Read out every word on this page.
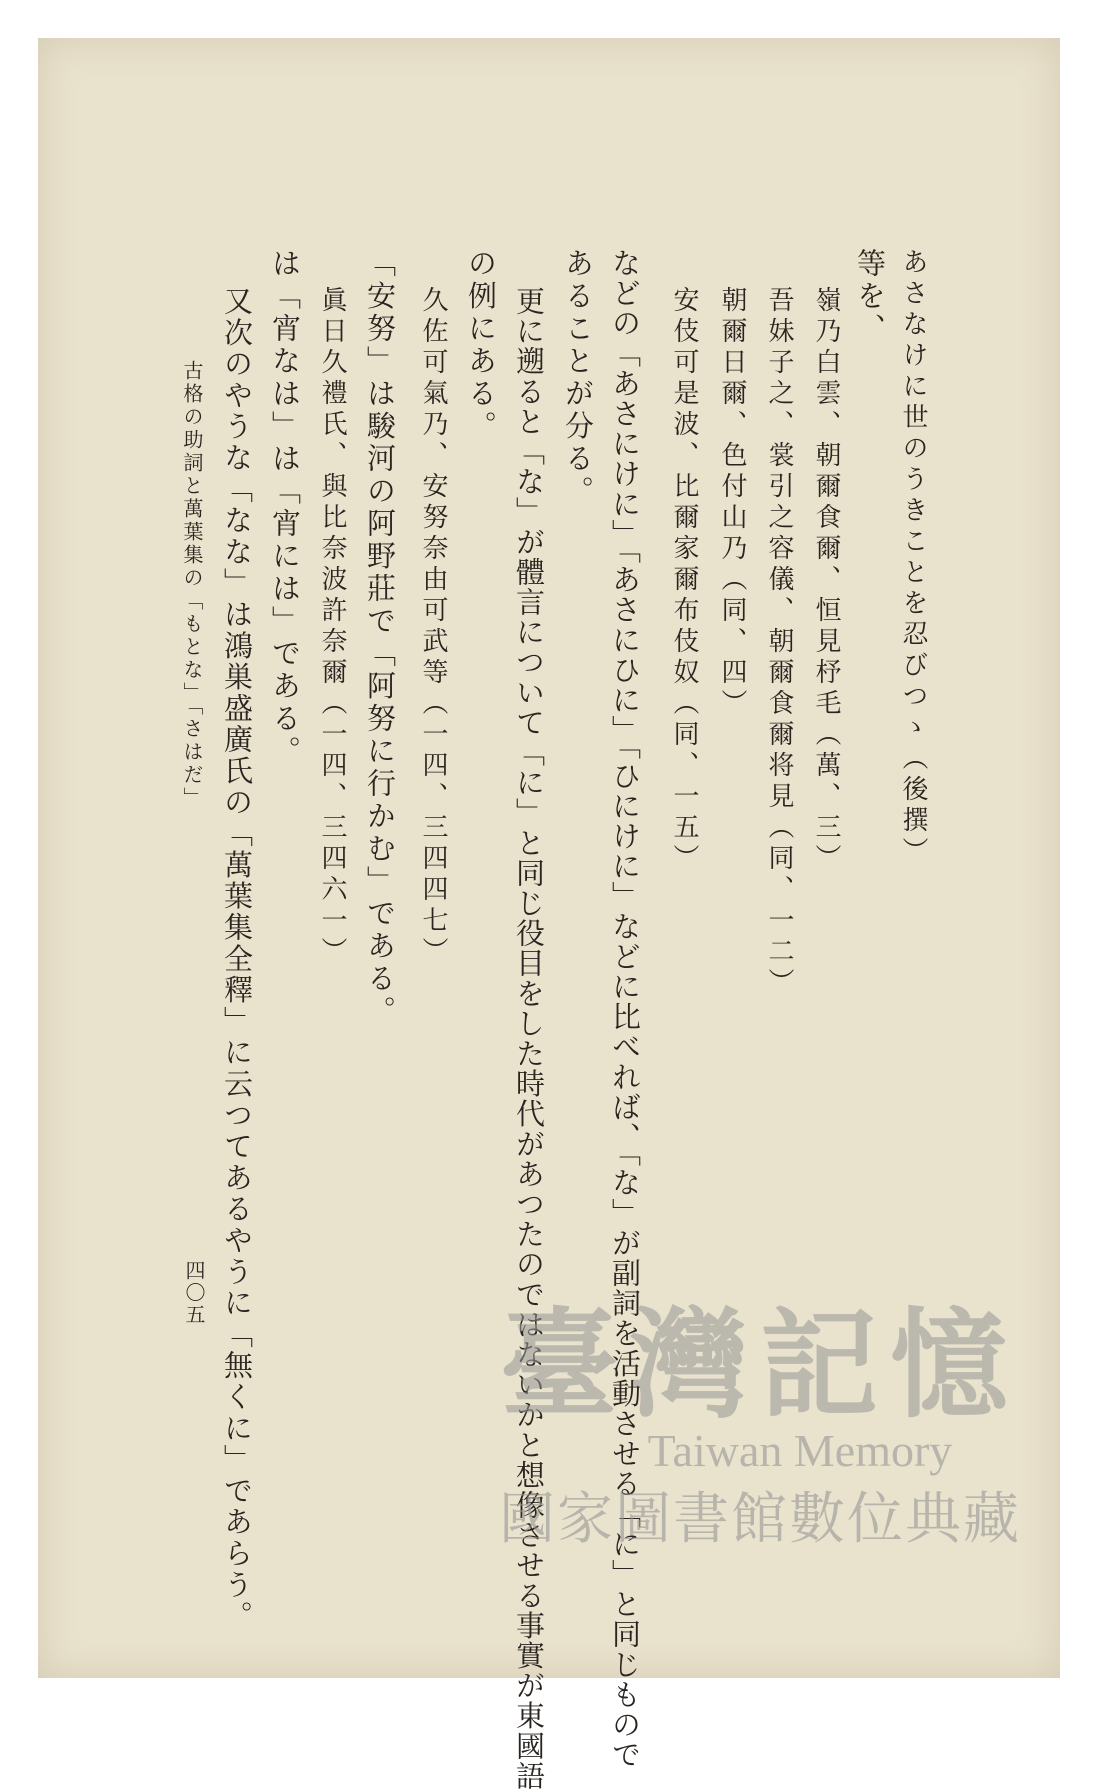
あさなけに世のうきことを忍びつゝ（後撰）
等を、
嶺乃白雲、朝爾食爾、恒見杼毛（萬、三）
吾妹子之、裳引之容儀、朝爾食爾将見（同、一二）
朝爾日爾、色付山乃（同、四）
安伎可是波、比爾家爾布伎奴（同、一五）
などの「あさにけに」「あさにひに」「ひにけに」などに比べれば、「な」が副詞を活動させる「に」と同じもので
あることが分る。
更に遡ると「な」が體言について「に」と同じ役目をした時代があつたのではないかと想像させる事實が東國語
の例にある。
久佐可氣乃、安努奈由可武等（一四、三四四七）
「安努」は駿河の阿野莊で「阿努に行かむ」である。
眞日久禮氏、與比奈波許奈爾（一四、三四六一）
は「宵なは」は「宵には」である。
又次のやうな「なな」は鴻巣盛廣氏の「萬葉集全釋」に云つてあるやうに「無くに」であらう。
古格の助詞と萬葉集の「もとな」「さはだ」
四〇五
臺灣記憶
Taiwan Memory
國家圖書館數位典藏
